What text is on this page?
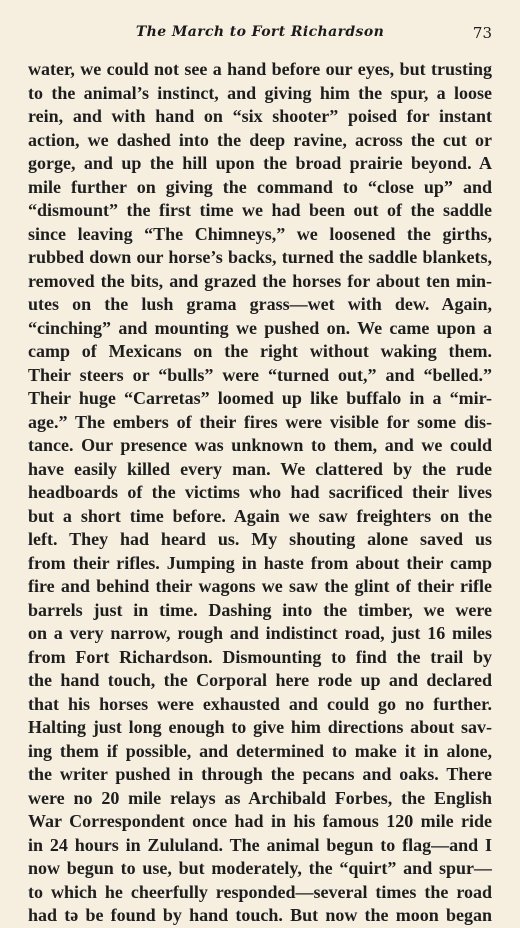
The March to Fort Richardson	73
water, we could not see a hand before our eyes, but trusting
to the animal’s instinct, and giving him the spur, a loose
rein, and with hand on “six shooter” poised for instant
action, we dashed into the deep ravine, across the cut or
gorge, and up the hill upon the broad prairie beyond. A
mile further on giving the command to “close up” and
“dismount” the first time we had been out of the saddle
since leaving “The Chimneys,” we loosened the girths,
rubbed down our horse’s backs, turned the saddle blankets,
removed the bits, and grazed the horses for about ten min-
utes on the lush grama grass—wet with dew. Again,
“cinching” and mounting we pushed on. We came upon a
camp of Mexicans on the right without waking them.
Their steers or “bulls” were “turned out,” and “belled.”
Their huge “Carretas” loomed up like buffalo in a “mir-
age.” The embers of their fires were visible for some dis-
tance. Our presence was unknown to them, and we could
have easily killed every man. We clattered by the rude
headboards of the victims who had sacrificed their lives
but a short time before. Again we saw freighters on the
left. They had heard us. My shouting alone saved us
from their rifles. Jumping in haste from about their camp
fire and behind their wagons we saw the glint of their rifle
barrels just in time. Dashing into the timber, we were
on a very narrow, rough and indistinct road, just 16 miles
from Fort Richardson. Dismounting to find the trail by
the hand touch, the Corporal here rode up and declared
that his horses were exhausted and could go no further.
Halting just long enough to give him directions about sav-
ing them if possible, and determined to make it in alone,
the writer pushed in through the pecans and oaks. There
were no 20 mile relays as Archibald Forbes, the English
War Correspondent once had in his famous 120 mile ride
in 24 hours in Zululand. The animal begun to flag—and I
now begun to use, but moderately, the “quirt” and spur—
to which he cheerfully responded—several times the road
had tə be found by hand touch. But now the moon began
